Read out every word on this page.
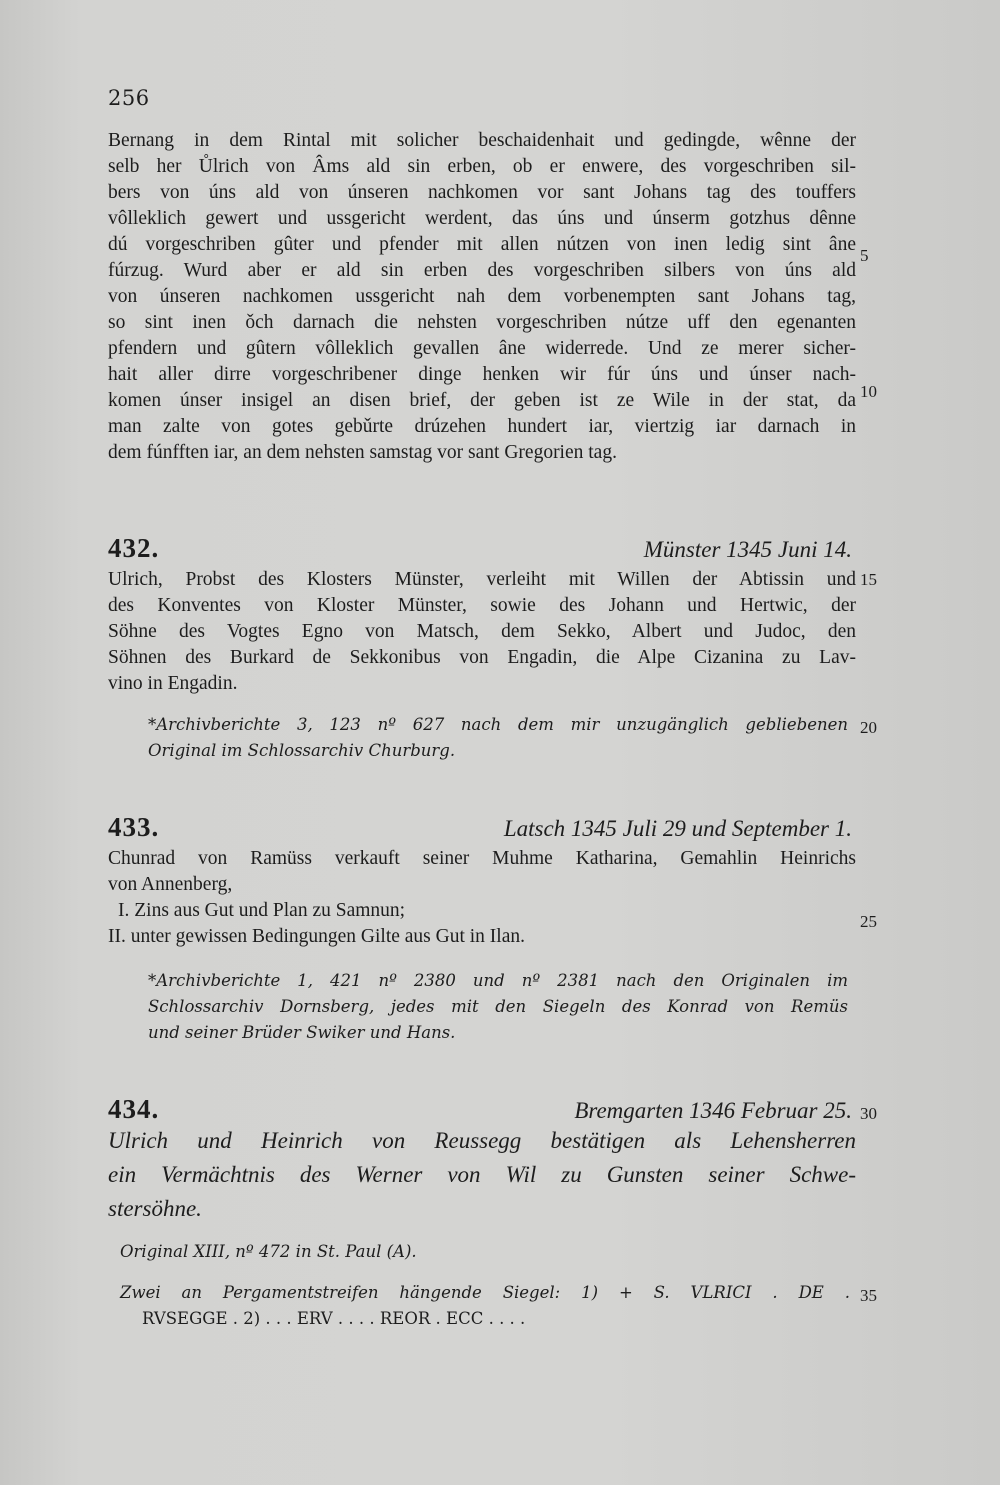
256
Bernang in dem Rintal mit solicher beschaidenhait und gedingde, wênne der
selb her Ůlrich von Âms ald sin erben, ob er enwere, des vorgeschriben sil-
bers von úns ald von únseren nachkomen vor sant Johans tag des touffers
vôlleklich gewert und ussgericht werdent, das úns und únserm gotzhus dênne
dú vorgeschriben gûter und pfender mit allen nútzen von inen ledig sint âne
fúrzug. Wurd aber er ald sin erben des vorgeschriben silbers von úns ald
von únseren nachkomen ussgericht nah dem vorbenempten sant Johans tag,
so sint inen ǒch darnach die nehsten vorgeschriben nútze uff den egenanten
pfendern und gûtern vôlleklich gevallen âne widerrede. Und ze merer sicher-
hait aller dirre vorgeschribener dinge henken wir fúr úns und únser nach-
komen únser insigel an disen brief, der geben ist ze Wile in der stat, da
man zalte von gotes gebǔrte drúzehen hundert iar, viertzig iar darnach in
dem fúnfften iar, an dem nehsten samstag vor sant Gregorien tag.
432.	Münster 1345 Juni 14.
Ulrich, Probst des Klosters Münster, verleiht mit Willen der Abtissin und
des Konventes von Kloster Münster, sowie des Johann und Hertwic, der
Söhne des Vogtes Egno von Matsch, dem Sekko, Albert und Judoc, den
Söhnen des Burkard de Sekkonibus von Engadin, die Alpe Cizanina zu Lav-
vino in Engadin.
*Archivberichte 3, 123 nº 627 nach dem mir unzugänglich gebliebenen
Original im Schlossarchiv Churburg.
433.	Latsch 1345 Juli 29 und September 1.
Chunrad von Ramüss verkauft seiner Muhme Katharina, Gemahlin Heinrichs
von Annenberg,
I. Zins aus Gut und Plan zu Samnun;
II. unter gewissen Bedingungen Gilte aus Gut in Ilan.
*Archivberichte 1, 421 nº 2380 und nº 2381 nach den Originalen im
Schlossarchiv Dornsberg, jedes mit den Siegeln des Konrad von Remüs
und seiner Brüder Swiker und Hans.
434.	Bremgarten 1346 Februar 25.
Ulrich und Heinrich von Reussegg bestätigen als Lehensherren
ein Vermächtnis des Werner von Wil zu Gunsten seiner Schwe-
stersöhne.
Original XIII, nº 472 in St. Paul (A).
Zwei an Pergamentstreifen hängende Siegel: 1) + S. VLRICI . DE .
RVSEGGE . 2) . . . ERV . . . . REOR . ECC . . . .
5
10
15
20
25
30
35
